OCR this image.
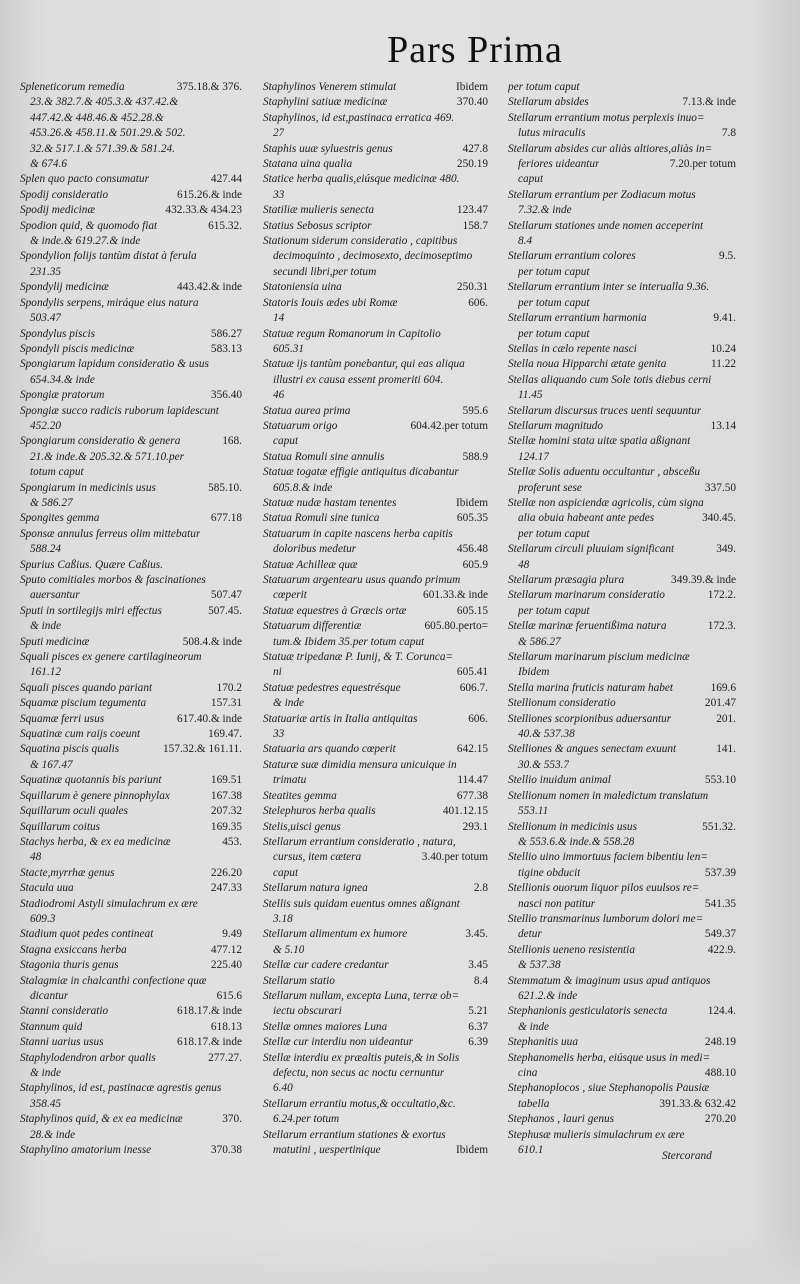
Pars Prima
Spleneticorum remedia	375.18.& 376.
23.& 382.7.& 405.3.& 437.42.&
447.42.& 448.46.& 452.28.&
453.26.& 458.11.& 501.29.& 502.
32.& 517.1.& 571.39.& 581.24.
& 674.6
Splen quo pacto consumatur	427.44
Spodij consideratio	615.26.& inde
Spodij medicinæ	432.33.& 434.23
Spodion quid, & quomodo fiat	615.32.
& inde.& 619.27.& inde
Spondylion folijs tantùm distat à ferula
231.35
Spondylij medicinæ	443.42.& inde
Spondylis serpens, miráque eius natura
503.47
Spondylus piscis	586.27
Spondyli piscis medicinæ	583.13
Spongiarum lapidum consideratio & usus
654.34.& inde
Spongiæ pratorum	356.40
Spongiæ succo radicis ruborum lapidescunt
452.20
Spongiarum consideratio & genera	168.
21.& inde.& 205.32.& 571.10.per
totum caput
Spongiarum in medicinis usus	585.10.
& 586.27
Spongites gemma	677.18
Sponsæ annulus ferreus olim mittebatur
588.24
Spurius Caßius. Quære Caßius.
Sputo comitiales morbos & fascinationes
auersantur	507.47
Sputi in sortilegijs miri effectus	507.45.
& inde
Sputi medicinæ	508.4.& inde
Squali pisces ex genere cartilagineorum
161.12
Squali pisces quando pariant	170.2
Squamæ piscium tegumenta	157.31
Squamæ ferri usus	617.40.& inde
Squatinæ cum raijs coeunt	169.47.
Squatina piscis qualis	157.32.& 161.11.
& 167.47
Squatinæ quotannis bis pariunt	169.51
Squillarum è genere pinnophylax	167.38
Squillarum oculi quales	207.32
Squillarum coitus	169.35
Stachys herba, & ex ea medicinæ	453.
48
Stacte,myrrhæ genus	226.20
Stacula uua	247.33
Stadiodromi Astyli simulachrum ex ære
609.3
Stadium quot pedes contineat	9.49
Stagna exsiccans herba	477.12
Stagonia thuris genus	225.40
Stalagmiæ in chalcanthi confectione quæ
dicantur	615.6
Stanni consideratio	618.17.& inde
Stannum quid	618.13
Stanni uarius usus	618.17.& inde
Staphylodendron arbor qualis	277.27.
& inde
Staphylinos, id est, pastinacæ agrestis genus
358.45
Staphylinos quid, & ex ea medicinæ	370.
28.& inde
Staphylino amatorium inesse	370.38
Staphylinos Venerem stimulat	Ibidem
Staphylini satiuæ medicinæ	370.40
Staphylinos, id est,pastinaca erratica 469.
27
Staphis uuæ syluestris genus	427.8
Statana uina qualia	250.19
Statice herba qualis,eiúsque medicinæ 480.
33
Statiliæ mulieris senecta	123.47
Statius Sebosus scriptor	158.7
Stationum siderum consideratio , capitibus
decimoquinto , decimosexto, decimoseptimo
secundi libri,per totum
Statoniensia uina	250.31
Statoris Iouis ædes ubi Romæ	606.
14
Statuæ regum Romanorum in Capitolio
605.31
Statuæ ijs tantùm ponebantur, qui eas aliqua
illustri ex causa essent promeriti 604.
46
Statua aurea prima	595.6
Statuarum origo	604.42.per totum
caput
Statua Romuli sine annulis	588.9
Statuæ togatæ effigie antiquitus dicabantur
605.8.& inde
Statuæ nudæ hastam tenentes	Ibidem
Statua Romuli sine tunica	605.35
Statuarum in capite nascens herba capitis
doloribus medetur	456.48
Statuæ Achilleæ quæ	605.9
Statuarum argentearu usus quando primum
cœperit	601.33.& inde
Statuæ equestres à Græcis ortæ	605.15
Statuarum differentiæ	605.80.perto=
tum.& Ibidem 35.per totum caput
Statuæ tripedanæ P. Iunij, & T. Corunca=
ni	605.41
Statuæ pedestres equestrésque	606.7.
& inde
Statuariæ artis in Italia antiquitas	606.
33
Statuaria ars quando cœperit	642.15
Staturæ suæ dimidia mensura unicuique in
trimatu	114.47
Steatites gemma	677.38
Stelephuros herba qualis	401.12.15
Stelis,uisci genus	293.1
Stellarum errantium consideratio , natura,
cursus, item cætera	3.40.per totum
caput
Stellarum natura ignea	2.8
Stellis suis quidam euentus omnes aßignant
3.18
Stellarum alimentum ex humore	3.45.
& 5.10
Stellæ cur cadere credantur	3.45
Stellarum statio	8.4
Stellarum nullam, excepta Luna, terræ ob=
iectu obscurari	5.21
Stellæ omnes maiores Luna	6.37
Stellæ cur interdiu non uideantur	6.39
Stellæ interdiu ex præaltis puteis,& in Solis
defectu, non secus ac noctu cernuntur
6.40
Stellarum errantiu motus,& occultatio,&c.
6.24.per totum
Stellarum errantium stationes & exortus
matutini , uespertinique	Ibidem
per totum caput
Stellarum absides	7.13.& inde
Stellarum errantium motus perplexis inuo=
lutus miraculis	7.8
Stellarum absides cur aliàs altiores,aliàs in=
feriores uideantur	7.20.per totum
caput
Stellarum errantium per Zodiacum motus
7.32.& inde
Stellarum stationes unde nomen acceperint
8.4
Stellarum errantium colores	9.5.
per totum caput
Stellarum errantium inter se interualla 9.36.
per totum caput
Stellarum errantium harmonia	9.41.
per totum caput
Stellas in cælo repente nasci	10.24
Stella noua Hipparchi ætate genita	11.22
Stellas aliquando cum Sole totis diebus cerni
11.45
Stellarum discursus truces uenti sequuntur
Stellarum magnitudo	13.14
Stellæ homini stata uitæ spatia aßignant
124.17
Stellæ Solis aduentu occultantur , absceßu
proferunt sese	337.50
Stellæ non aspiciendæ agricolis, cùm signa
alia obuia habeant ante pedes	340.45.
per totum caput
Stellarum circuli pluuiam significant	349.
48
Stellarum præsagia plura	349.39.& inde
Stellarum marinarum consideratio	172.2.
per totum caput
Stellæ marinæ feruentißima natura	172.3.
& 586.27
Stellarum marinarum piscium medicinæ
Ibidem
Stella marina fruticis naturam habet	169.6
Stellionum consideratio	201.47
Stelliones scorpionibus aduersantur	201.
40.& 537.38
Stelliones & angues senectam exuunt	141.
30.& 553.7
Stellio inuidum animal	553.10
Stellionum nomen in maledictum translatum
553.11
Stellionum in medicinis usus	551.32.
& 553.6.& inde.& 558.28
Stellio uino immortuus faciem bibentiu len=
tigine obducit	537.39
Stellionis ouorum liquor pilos euulsos re=
nasci non patitur	541.35
Stellio transmarinus lumborum dolori me=
detur	549.37
Stellionis ueneno resistentia	422.9.
& 537.38
Stemmatum & imaginum usus apud antiquos
621.2.& inde
Stephanionis gesticulatoris senecta	124.4.
& inde
Stephanitis uua	248.19
Stephanomelis herba, eiúsque usus in medi=
cina	488.10
Stephanoplocos , siue Stephanopolis Pausiæ
tabella	391.33.& 632.42
Stephanos , lauri genus	270.20
Stephusæ mulieris simulachrum ex ære
610.1	Stercorand
